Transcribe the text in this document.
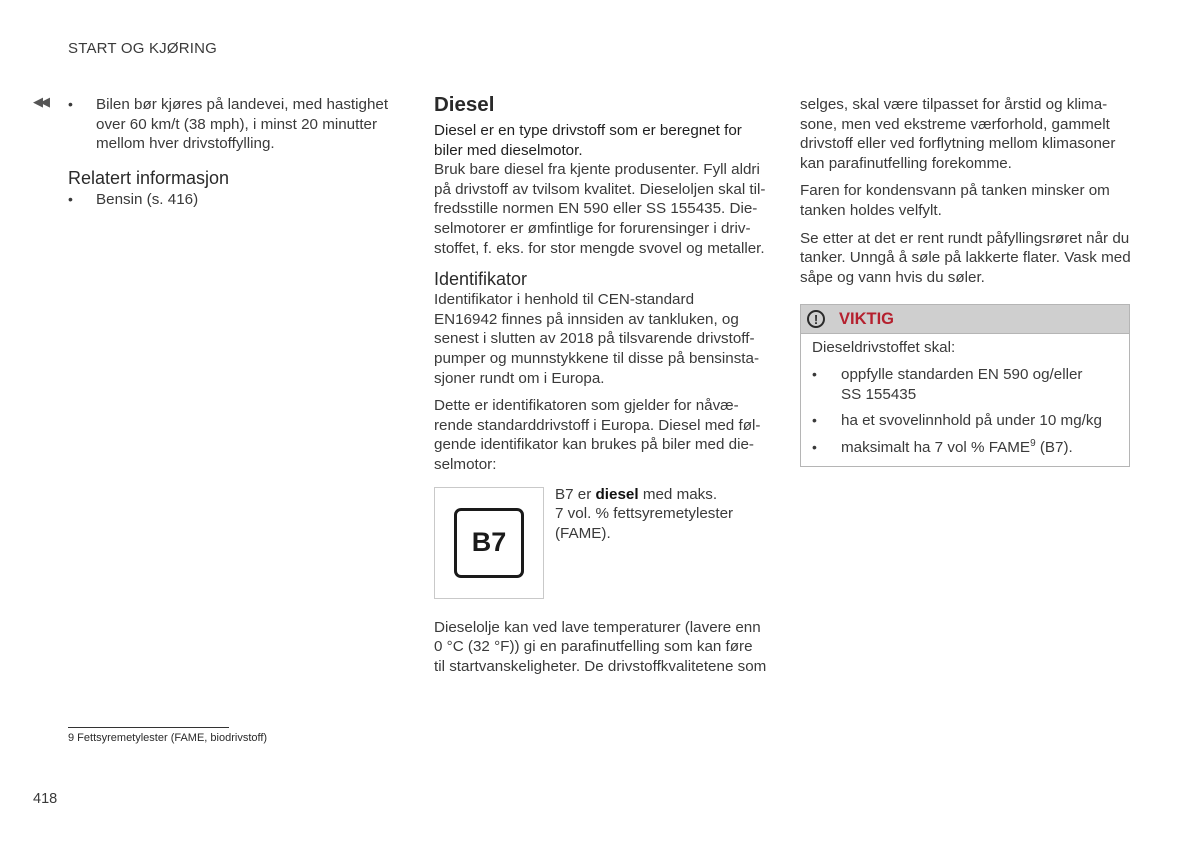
START OG KJØRING
◀◀ •	Bilen bør kjøres på landevei, med hastighet

over 60 km/t (38 mph), i minst 20 minutter

mellom hver drivstoffylling.

Relatert informasjon
•	Bensin (s. 416)

Diesel

Diesel er en type drivstoff som er beregnet for

biler med dieselmotor.

Bruk bare diesel fra kjente produsenter. Fyll aldri

på drivstoff av tvilsom kvalitet. Dieseloljen skal til-

fredsstille normen EN 590 eller SS 155435. Die-

selmotorer er ømfintlige for forurensinger i driv-

stoffet, f. eks. for stor mengde svovel og metaller.

Identifikator

Identifikator i henhold til CEN-standard

EN16942 finnes på innsiden av tankluken, og

senest i slutten av 2018 på tilsvarende drivstoff-

pumper og munnstykkene til disse på bensinsta-

sjoner rundt om i Europa.

Dette er identifikatoren som gjelder for nåvæ-

rende standarddrivstoff i Europa. Diesel med føl-

gende identifikator kan brukes på biler med die-

selmotor:

B7

B7 er diesel med maks.

7 vol. % fettsyremetylester

(FAME).

Dieselolje kan ved lave temperaturer (lavere enn

0 °C (32 °F)) gi en parafinutfelling som kan føre

til startvanskeligheter. De drivstoffkvalitetene som

selges, skal være tilpasset for årstid og klima-

sone, men ved ekstreme værforhold, gammelt

drivstoff eller ved forflytning mellom klimasoner

kan parafinutfelling forekomme.

Faren for kondensvann på tanken minsker om

tanken holdes velfylt.

Se etter at det er rent rundt påfyllingsrøret når du

tanker. Unngå å søle på lakkerte flater. Vask med

såpe og vann hvis du søler.

!	VIKTIG

Dieseldrivstoffet skal:

•	oppfylle standarden EN 590 og/eller

SS 155435

•	ha et svovelinnhold på under 10 mg/kg

•	maksimalt ha 7 vol % FAME$^9$ (B7).

9 Fettsyremetylester (FAME, biodrivstoff)
418
